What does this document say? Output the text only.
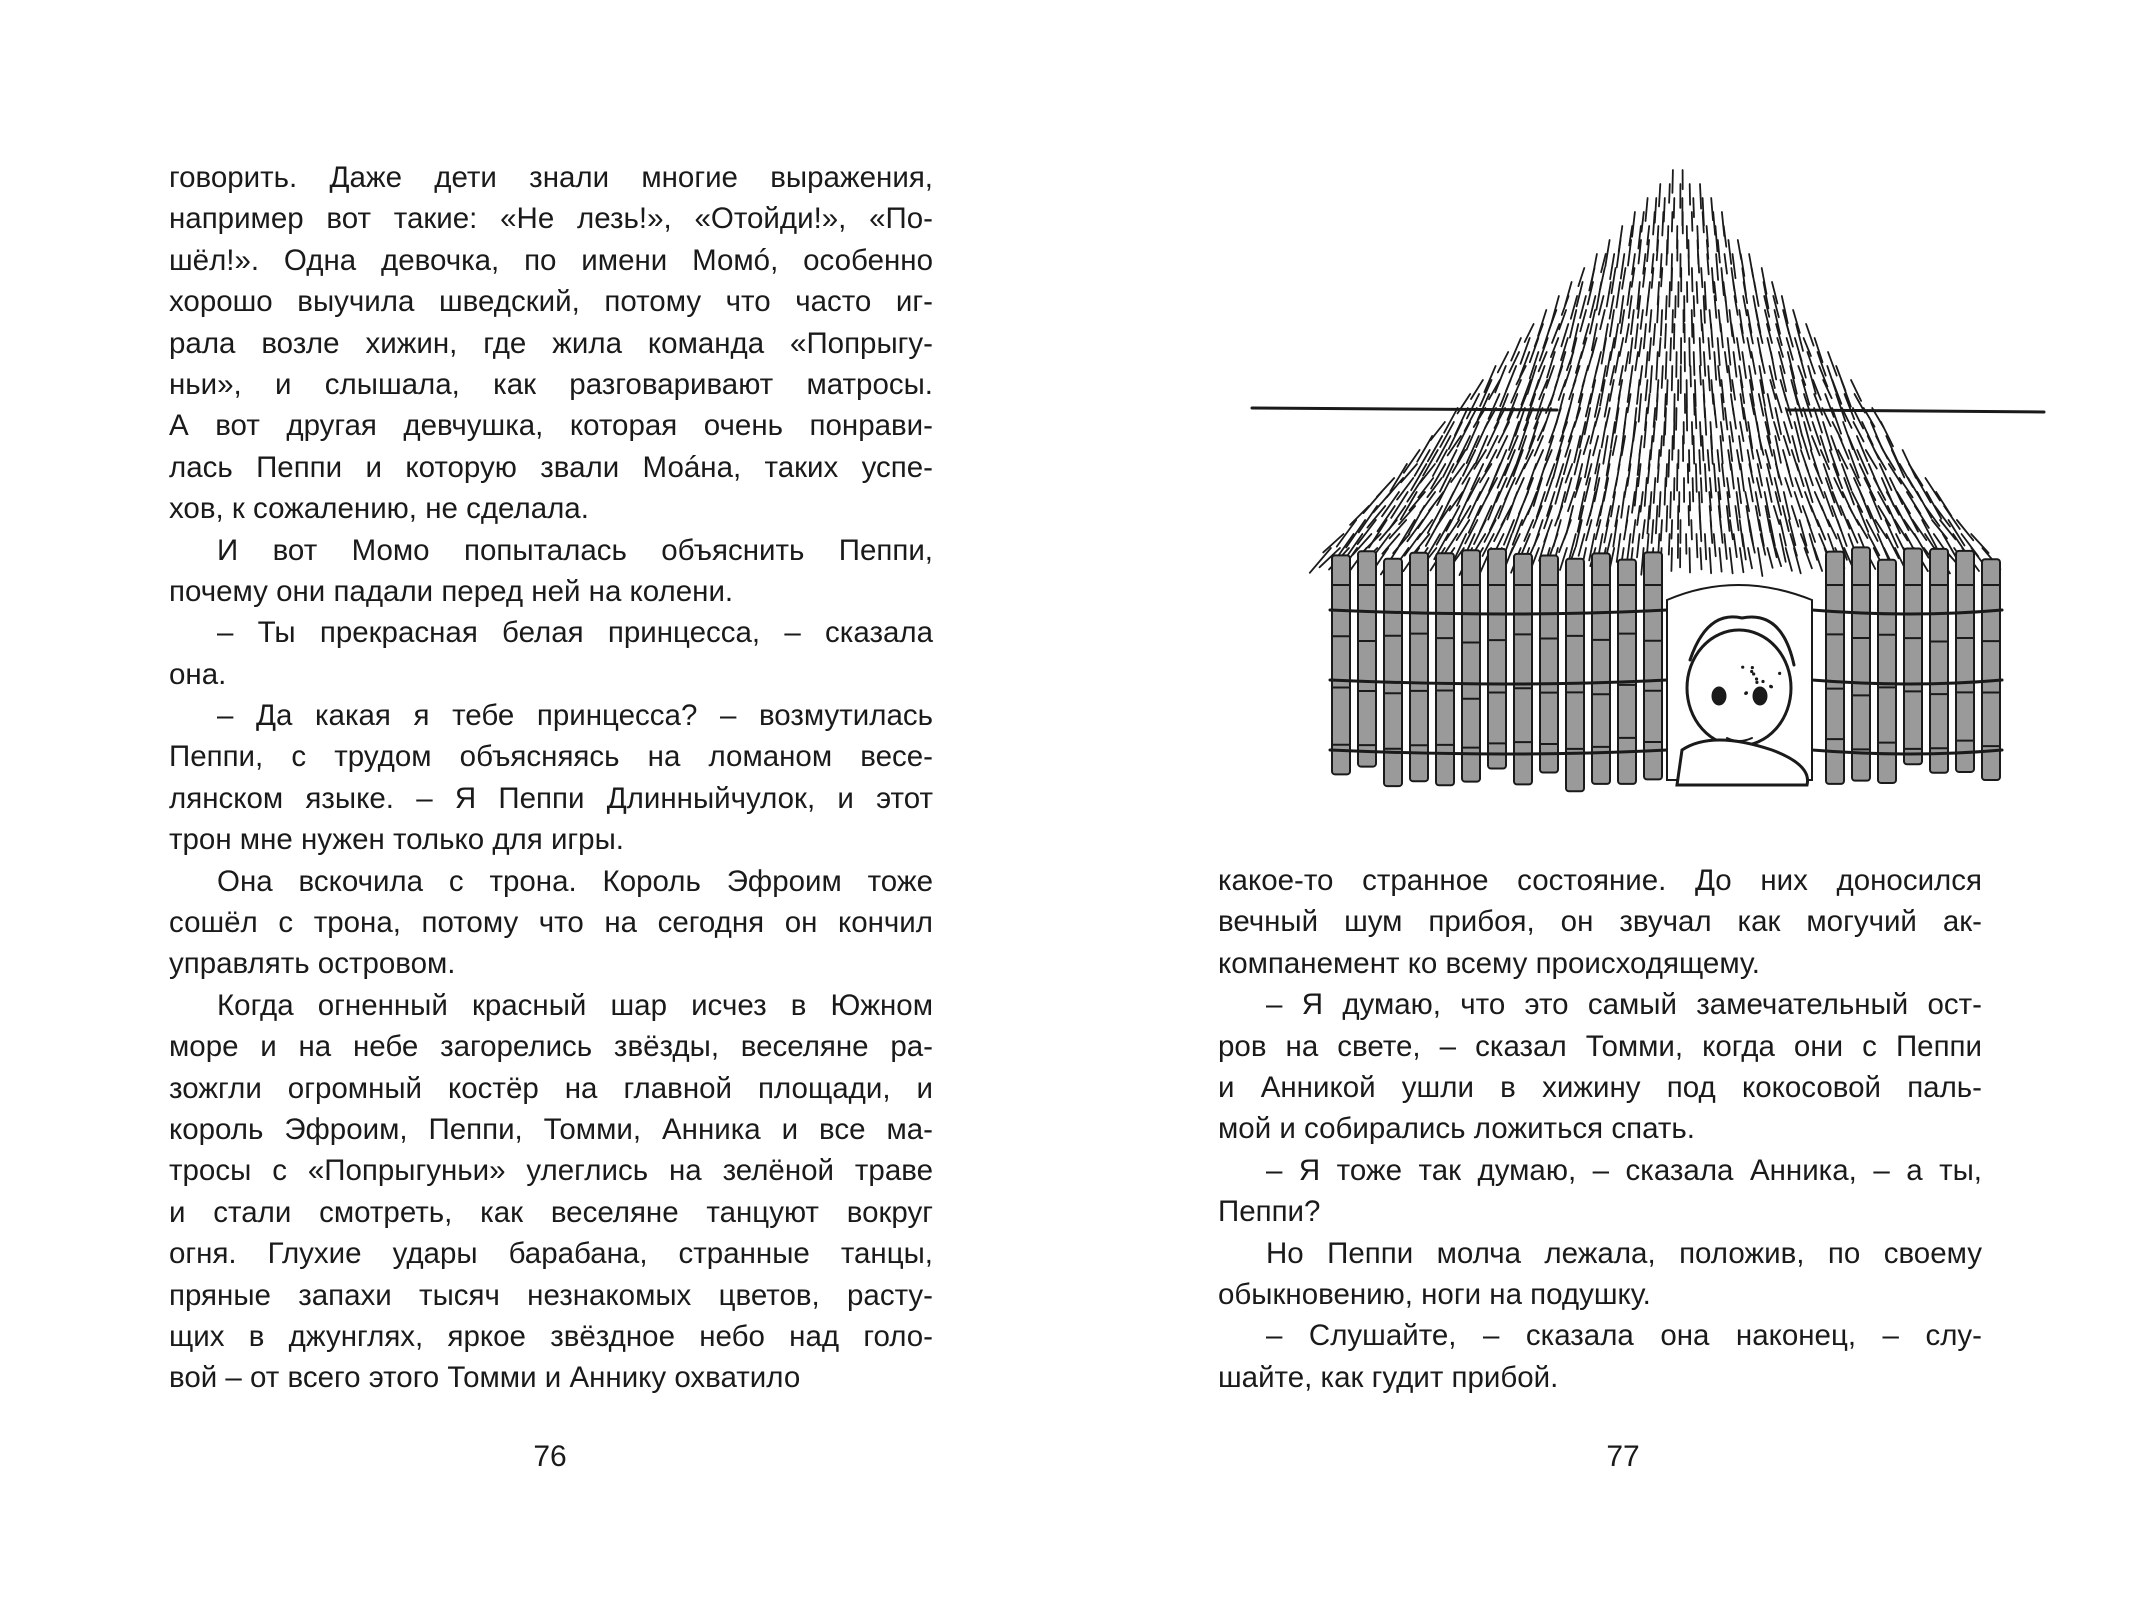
говорить. Даже дети знали многие выражения,
например вот такие: «Не лезь!», «Отойди!», «По-
шёл!». Одна девочка, по имени Момó, особенно
хорошо выучила шведский, потому что часто иг-
рала возле хижин, где жила команда «Попрыгу-
ньи», и слышала, как разговаривают матросы.
А вот другая девчушка, которая очень понрави-
лась Пеппи и которую звали Моáна, таких успе-
хов, к сожалению, не сделала.

И вот Момо попыталась объяснить Пеппи,
почему они падали перед ней на колени.

– Ты прекрасная белая принцесса, – сказала
она.

– Да какая я тебе принцесса? – возмутилась
Пеппи, с трудом объясняясь на ломаном весе-
лянском языке. – Я Пеппи Длинныйчулок, и этот
трон мне нужен только для игры.

Она вскочила с трона. Король Эфроим тоже
сошёл с трона, потому что на сегодня он кончил
управлять островом.

Когда огненный красный шар исчез в Южном
море и на небе загорелись звёзды, веселяне ра-
зожгли огромный костёр на главной площади, и
король Эфроим, Пеппи, Томми, Анника и все ма-
тросы с «Попрыгуньи» улеглись на зелёной траве
и стали смотреть, как веселяне танцуют вокруг
огня. Глухие удары барабана, странные танцы,
пряные запахи тысяч незнакомых цветов, расту-
щих в джунглях, яркое звёздное небо над голо-
вой – от всего этого Томми и Аннику охватило

76

какое-то странное состояние. До них доносился
вечный шум прибоя, он звучал как могучий ак-
компанемент ко всему происходящему.

– Я думаю, что это самый замечательный ост-
ров на свете, – сказал Томми, когда они с Пеппи
и Анникой ушли в хижину под кокосовой паль-
мой и собирались ложиться спать.

– Я тоже так думаю, – сказала Анника, – а ты,
Пеппи?

Но Пеппи молча лежала, положив, по своему
обыкновению, ноги на подушку.

– Слушайте, – сказала она наконец, – слу-
шайте, как гудит прибой.

77
